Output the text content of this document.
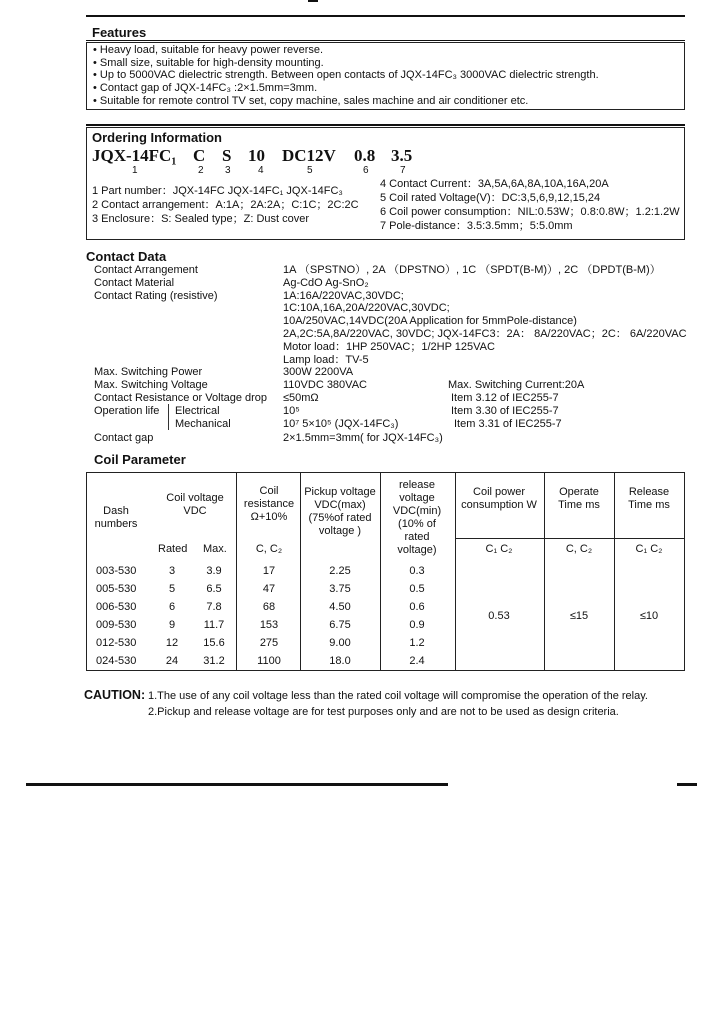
Features
• Heavy load, suitable for heavy power reverse.
• Small size, suitable for high-density mounting.
• Up to 5000VAC dielectric strength. Between open contacts of JQX-14FC₃ 3000VAC dielectric strength.
• Contact gap of JQX-14FC₃ :2×1.5mm=3mm.
• Suitable for remote control TV set, copy machine, sales machine and air conditioner etc.
Ordering Information
JQX-14FC₁ C S 10 DC12V 0.8 3.5
1	2 3	4	5	6	7
1 Part number：JQX-14FC JQX-14FC₁ JQX-14FC₃
2 Contact arrangement：A:1A；2A:2A；C:1C；2C:2C
3 Enclosure：S: Sealed type；Z: Dust cover
4 Contact Current：3A,5A,6A,8A,10A,16A,20A
5 Coil rated Voltage(V)：DC:3,5,6,9,12,15,24
6 Coil power consumption：NIL:0.53W；0.8:0.8W；1.2:1.2W
7 Pole-distance：3.5:3.5mm；5:5.0mm
Contact Data
Contact Arrangement	1A （SPSTNO）, 2A （DPSTNO）, 1C （SPDT(B-M)）, 2C （DPDT(B-M)）
Contact Material	Ag-CdO Ag-SnO₂
Contact Rating (resistive)	1A:16A/220VAC,30VDC;
1C:10A,16A,20A/220VAC,30VDC;
10A/250VAC,14VDC(20A Application for 5mmPole-distance)
2A,2C:5A,8A/220VAC, 30VDC; JQX-14FC3：2A： 8A/220VAC；2C： 6A/220VAC
Motor load：1HP 250VAC；1/2HP 125VAC
Lamp load：TV-5
Max. Switching Power	300W 2200VA
Max. Switching Voltage	110VDC 380VAC	Max. Switching Current:20A
Contact Resistance or Voltage drop ≤50mΩ	Item 3.12 of IEC255-7
Operation life Electrical	10⁵	Item 3.30 of IEC255-7
Mechanical	10⁷ 5×10⁵ (JQX-14FC₃)	Item 3.31 of IEC255-7
Contact gap	2×1.5mm=3mm( for JQX-14FC₃)
Coil Parameter
Dash numbers
Coil voltage VDC
Rated Max.
Coil resistance Ω+10%
C, C₂
Pickup voltage VDC(max) (75%of rated voltage )
release voltage VDC(min) (10% of rated voltage)
Coil power consumption W
C₁ C₂
Operate Time ms
C, C₂
Release Time ms
C₁ C₂
003-530	3	3.9	17	2.25	0.3
005-530	5	6.5	47	3.75	0.5
006-530	6	7.8	68	4.50	0.6
009-530	9	11.7	153	6.75	0.9
012-530	12	15.6	275	9.00	1.2
024-530	24	31.2	1100	18.0	2.4
0.53	≤15	≤10
CAUTION: 1.The use of any coil voltage less than the rated coil voltage will compromise the operation of the relay.
2.Pickup and release voltage are for test purposes only and are not to be used as design criteria.
